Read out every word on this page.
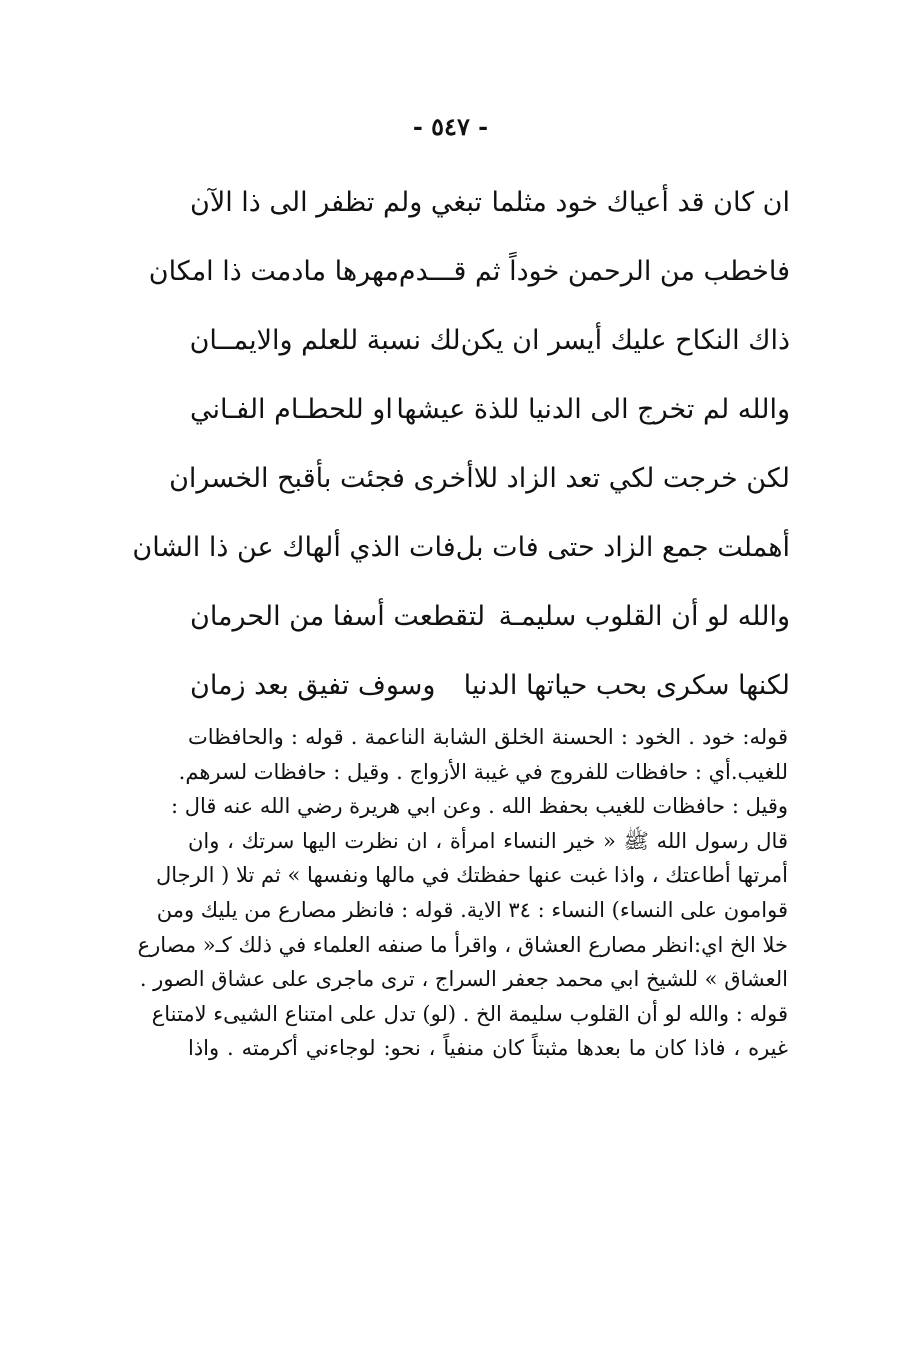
- ٥٤٧ -
ان كان قد أعياك خود مثلما
تبغي ولم تظفر الى ذا الآن
فاخطب من الرحمن خوداً ثم قـــدم
مهرها مادمت ذا امكان
ذاك النكاح عليك أيسر ان يكن
لك نسبة للعلم والايمــان
والله لم تخرج الى الدنيا للذة عيشها
او للحطـام الفـاني
لكن خرجت لكي تعد الزاد للا
أخرى فجئت بأقبح الخسران
أهملت جمع الزاد حتى فات بل
فات الذي ألهاك عن ذا الشان
والله لو أن القلوب سليمـة
لتقطعت أسفا من الحرمان
لكنها سكرى بحب حياتها الدنيا
وسوف تفيق بعد زمان

قوله: خود . الخود : الحسنة الخلق الشابة الناعمة . قوله : والحافظات

للغيب.أي : حافظات للفروج في غيبة الأزواج . وقيل : حافظات لسرهم.

وقيل : حافظات للغيب بحفظ الله . وعن ابي هريرة رضي الله عنه قال :

قال رسول الله ﷺ « خير النساء امرأة ، ان نظرت اليها سرتك ، وان

أمرتها أطاعتك ، واذا غبت عنها حفظتك في مالها ونفسها » ثم تلا ( الرجال

قوامون على النساء) النساء : ٣٤ الاية. قوله : فانظر مصارع من يليك ومن

خلا الخ اي:انظر مصارع العشاق ، واقرأ ما صنفه العلماء في ذلك كـ« مصارع

العشاق » للشيخ ابي محمد جعفر السراج ، ترى ماجرى على عشاق الصور .

قوله : والله لو أن القلوب سليمة الخ . (لو) تدل على امتناع الشيىء لامتناع

غيره ، فاذا كان ما بعدها مثبتاً كان منفياً ، نحو: لوجاءني أكرمته . واذا
